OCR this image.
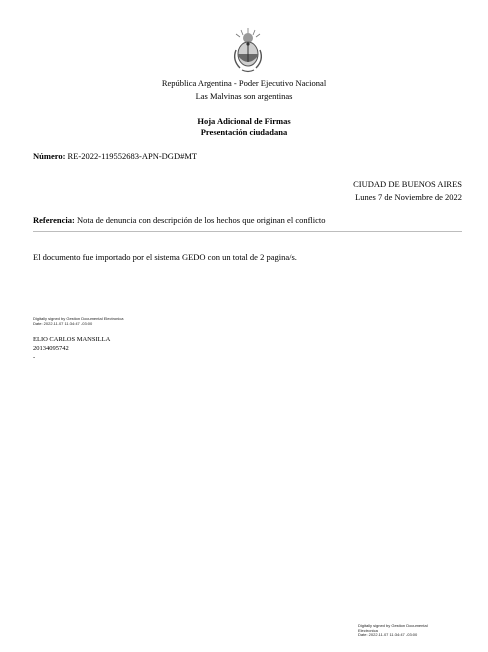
República Argentina - Poder Ejecutivo Nacional
Las Malvinas son argentinas
Hoja Adicional de Firmas
Presentación ciudadana
Número: RE-2022-119552683-APN-DGD#MT
CIUDAD DE BUENOS AIRES
Lunes 7 de Noviembre de 2022
Referencia: Nota de denuncia con descripción de los hechos que originan el conflicto
El documento fue importado por el sistema GEDO con un total de 2 pagina/s.
Digitally signed by Gestion Documental Electronica
Date: 2022.11.07 11:34:47 -03:00
ELIO CARLOS MANSILLA
20134095742
-
Digitally signed by Gestion Documental
Electronica
Date: 2022.11.07 11:34:47 -03:00
